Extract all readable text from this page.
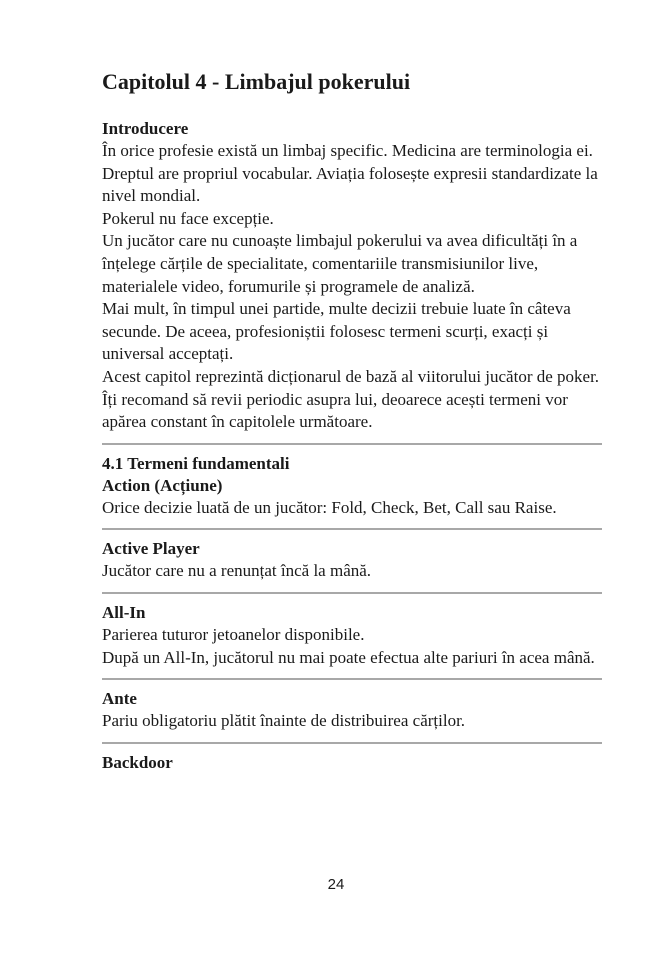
Capitolul 4 - Limbajul pokerului
Introducere
În orice profesie există un limbaj specific. Medicina are terminologia ei. Dreptul are propriul vocabular. Aviația folosește expresii standardizate la nivel mondial.
Pokerul nu face excepție.
Un jucător care nu cunoaște limbajul pokerului va avea dificultăți în a înțelege cărțile de specialitate, comentariile transmisiunilor live, materialele video, forumurile și programele de analiză.
Mai mult, în timpul unei partide, multe decizii trebuie luate în câteva secunde. De aceea, profesioniștii folosesc termeni scurți, exacți și universal acceptați.
Acest capitol reprezintă dicționarul de bază al viitorului jucător de poker. Îți recomand să revii periodic asupra lui, deoarece acești termeni vor apărea constant în capitolele următoare.
4.1 Termeni fundamentali
Action (Acțiune)
Orice decizie luată de un jucător: Fold, Check, Bet, Call sau Raise.
Active Player
Jucător care nu a renunțat încă la mână.
All-In
Parierea tuturor jetoanelor disponibile.
După un All-In, jucătorul nu mai poate efectua alte pariuri în acea mână.
Ante
Pariu obligatoriu plătit înainte de distribuirea cărților.
Backdoor
24
